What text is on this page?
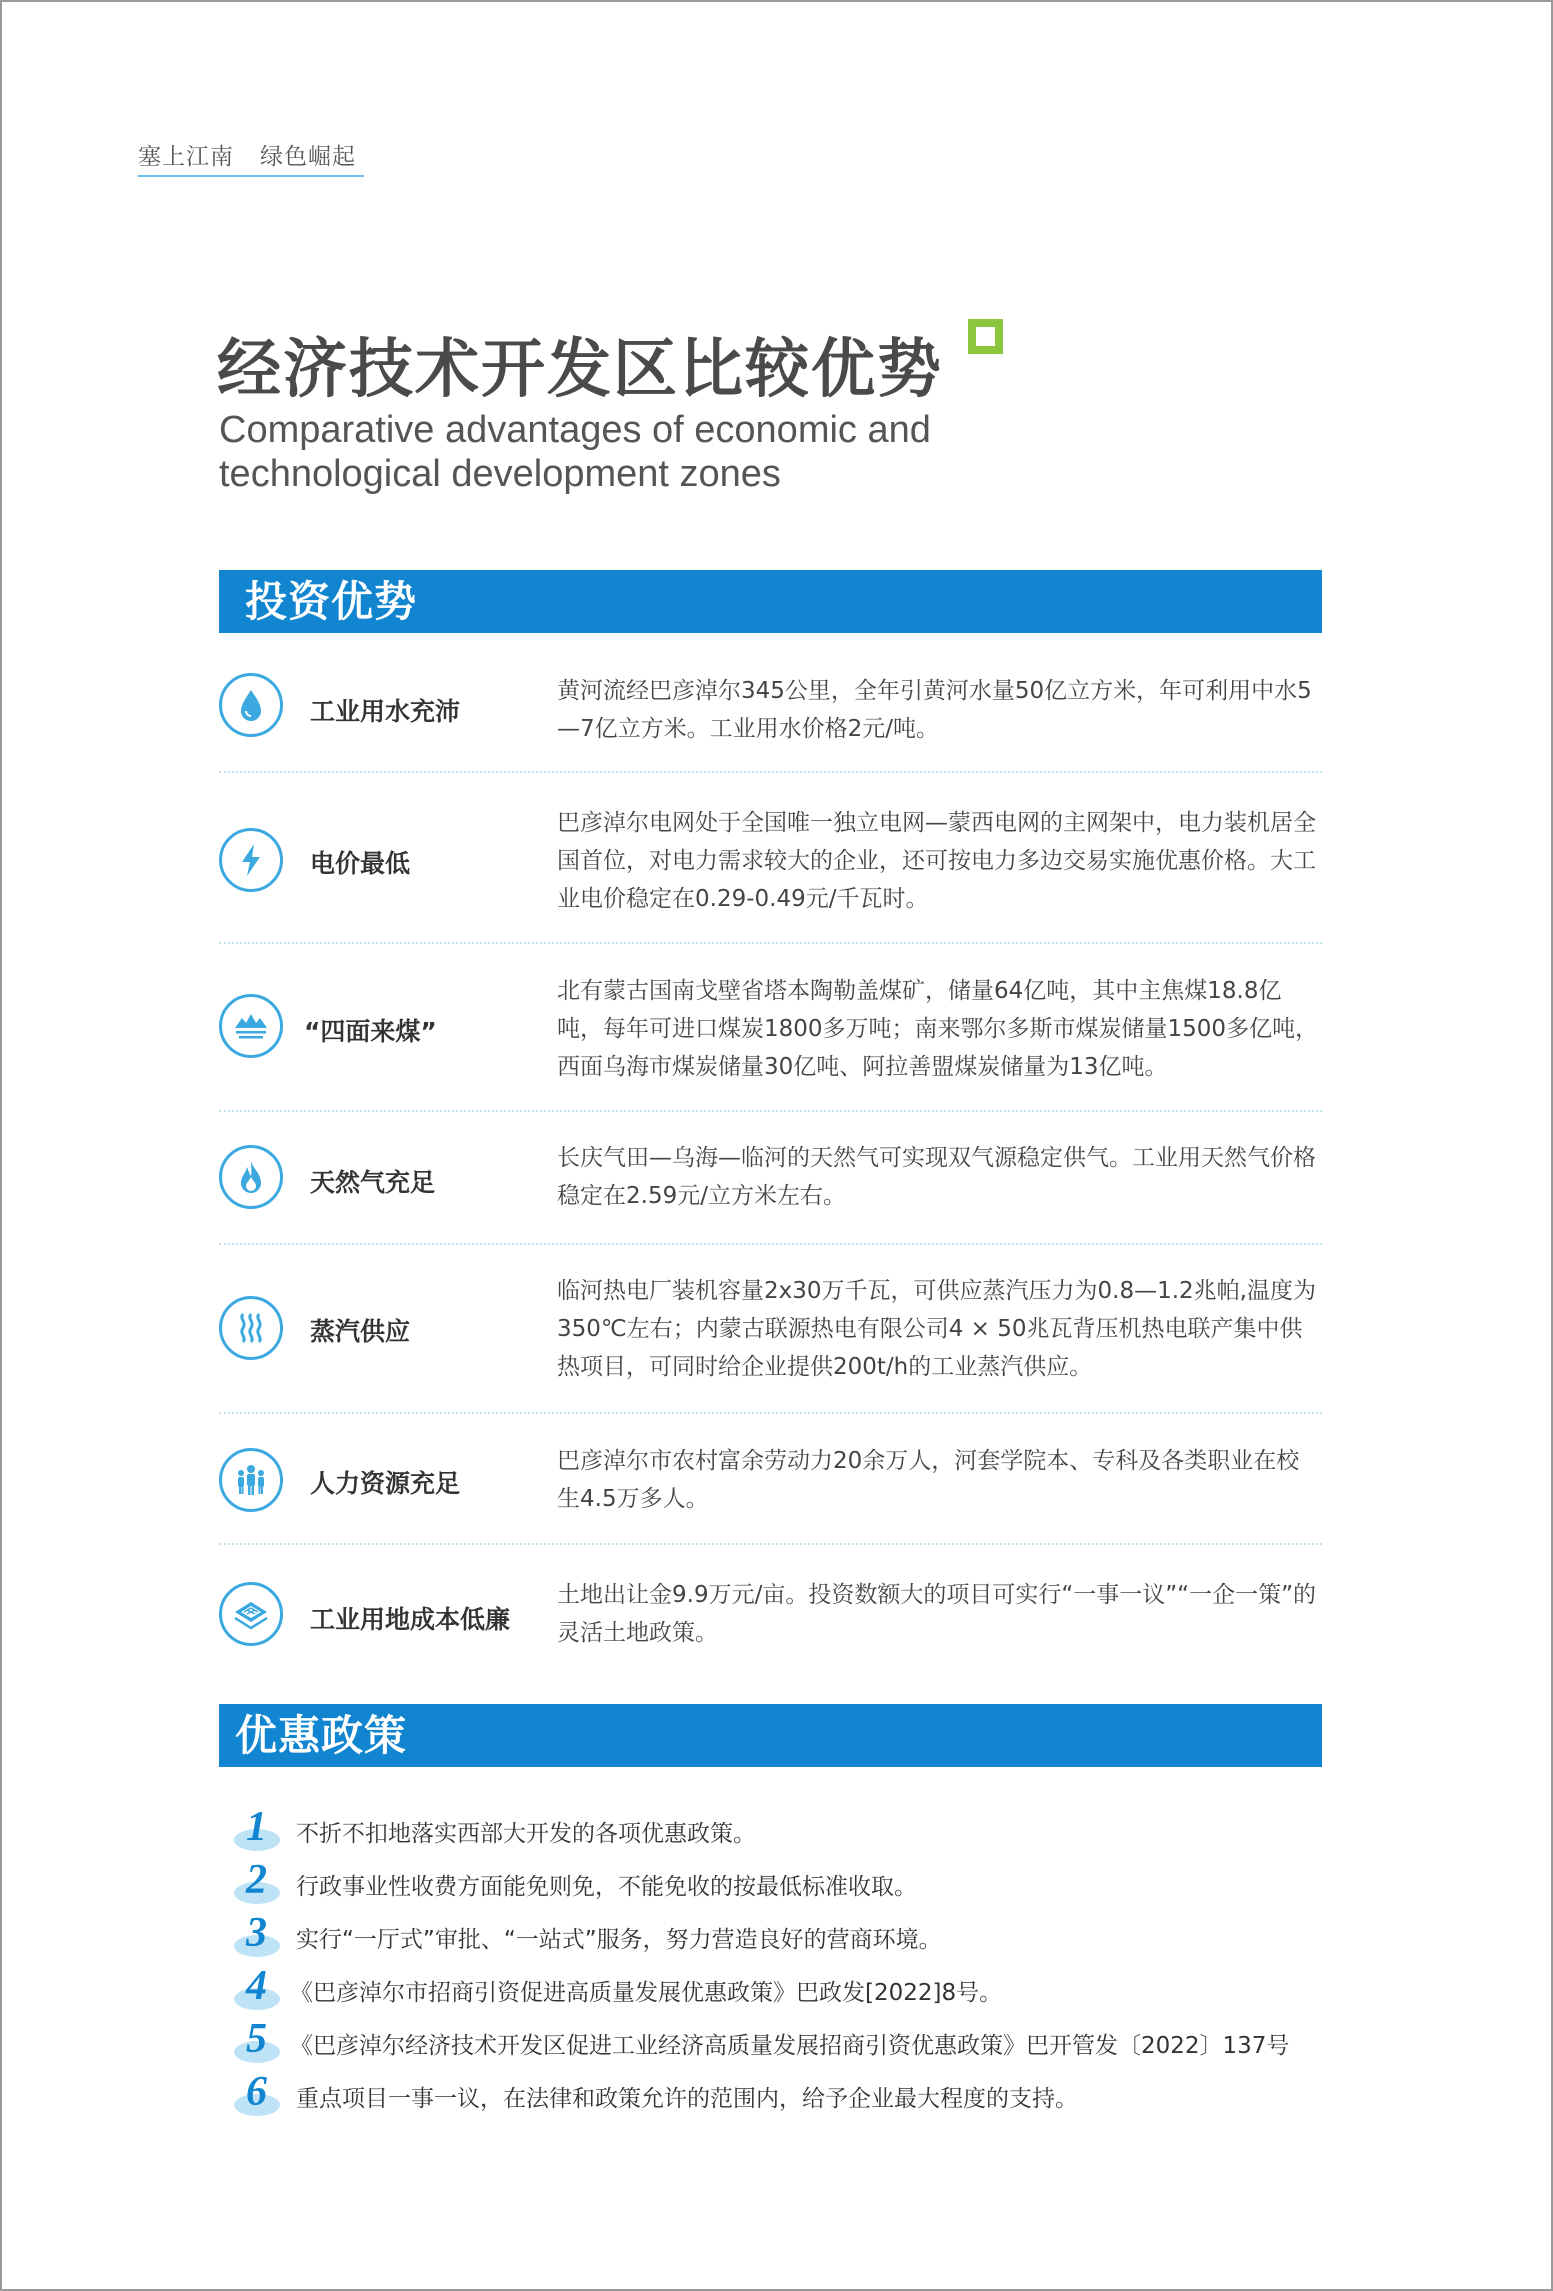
塞上江南 绿色崛起
经济技术开发区比较优势
Comparative advantages of economic and
technological development zones
投资优势
工业用水充沛
黄河流经巴彦淖尔345公里，全年引黄河水量50亿立方米，年可利用中水5—7亿立方米。工业用水价格2元/吨。
电价最低
巴彦淖尔电网处于全国唯一独立电网—蒙西电网的主网架中，电力装机居全国首位，对电力需求较大的企业，还可按电力多边交易实施优惠价格。大工业电价稳定在0.29-0.49元/千瓦时。
“四面来煤”
北有蒙古国南戈壁省塔本陶勒盖煤矿，储量64亿吨，其中主焦煤18.8亿吨，每年可进口煤炭1800多万吨；南来鄂尔多斯市煤炭储量1500多亿吨，西面乌海市煤炭储量30亿吨、阿拉善盟煤炭储量为13亿吨。
天然气充足
长庆气田—乌海—临河的天然气可实现双气源稳定供气。工业用天然气价格稳定在2.59元/立方米左右。
蒸汽供应
临河热电厂装机容量2x30万千瓦，可供应蒸汽压力为0.8—1.2兆帕,温度为350℃左右；内蒙古联源热电有限公司4 × 50兆瓦背压机热电联产集中供热项目，可同时给企业提供200t/h的工业蒸汽供应。
人力资源充足
巴彦淖尔市农村富余劳动力20余万人，河套学院本、专科及各类职业在校生4.5万多人。
工业用地成本低廉
土地出让金9.9万元/亩。投资数额大的项目可实行“一事一议”“一企一策”的灵活土地政策。
优惠政策
1 不折不扣地落实西部大开发的各项优惠政策。
2 行政事业性收费方面能免则免，不能免收的按最低标准收取。
3 实行“一厅式”审批、“一站式”服务，努力营造良好的营商环境。
4 《巴彦淖尔市招商引资促进高质量发展优惠政策》巴政发[2022]8号。
5 《巴彦淖尔经济技术开发区促进工业经济高质量发展招商引资优惠政策》巴开管发〔2022〕137号
6 重点项目一事一议，在法律和政策允许的范围内，给予企业最大程度的支持。
